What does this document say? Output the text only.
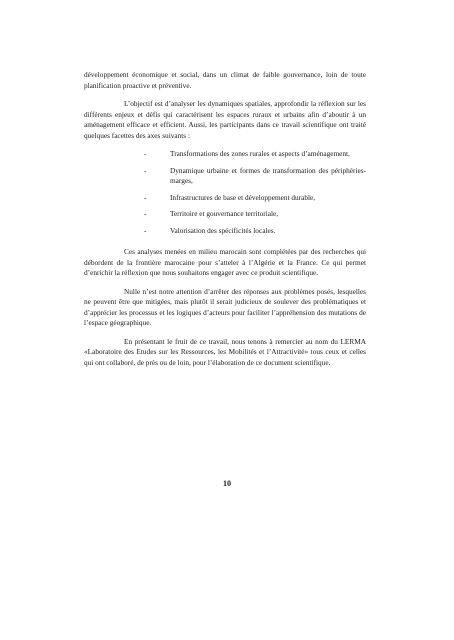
développement économique et social, dans un climat de faible gouvernance, loin de toute planification proactive et préventive.

L’objectif est d’analyser les dynamiques spatiales, approfondir la réflexion sur les différents enjeux et défis qui caractérisent les espaces ruraux et urbains afin d’aboutir à un aménagement efficace et efficient. Aussi, les participants dans ce travail scientifique ont traité quelques facettes des axes suivants :

-	Transformations des zones rurales et aspects d’aménagement,
-	Dynamique urbaine et formes de transformation des périphéries-marges,
-	Infrastructures de base et développement durable,
-	Territoire et gouvernance territoriale,
-	Valorisation des spécificités locales.

Ces analyses menées en milieu marocain sont complétées par des recherches qui débordent de la frontière marocaine pour s’atteler à l’Algérie et la France. Ce qui permet d’enrichir la réflexion que nous souhaitons engager avec ce produit scientifique.

Nulle n’est notre attention d’arrêter des réponses aux problèmes posés, lesquelles ne peuvent être que mitigées, mais plutôt il serait judicieux de soulever des problématiques et d’apprécier les processus et les logiques d’acteurs pour faciliter l’appréhension des mutations de l’espace géographique.

En présentant le fruit de ce travail, nous tenons à remercier au nom du LERMA «Laboratoire des Etudes sur les Ressources, les Mobilités et l’Attractivité» tous ceux et celles qui ont collaboré, de près ou de loin, pour l’élaboration de ce document scientifique.

10
